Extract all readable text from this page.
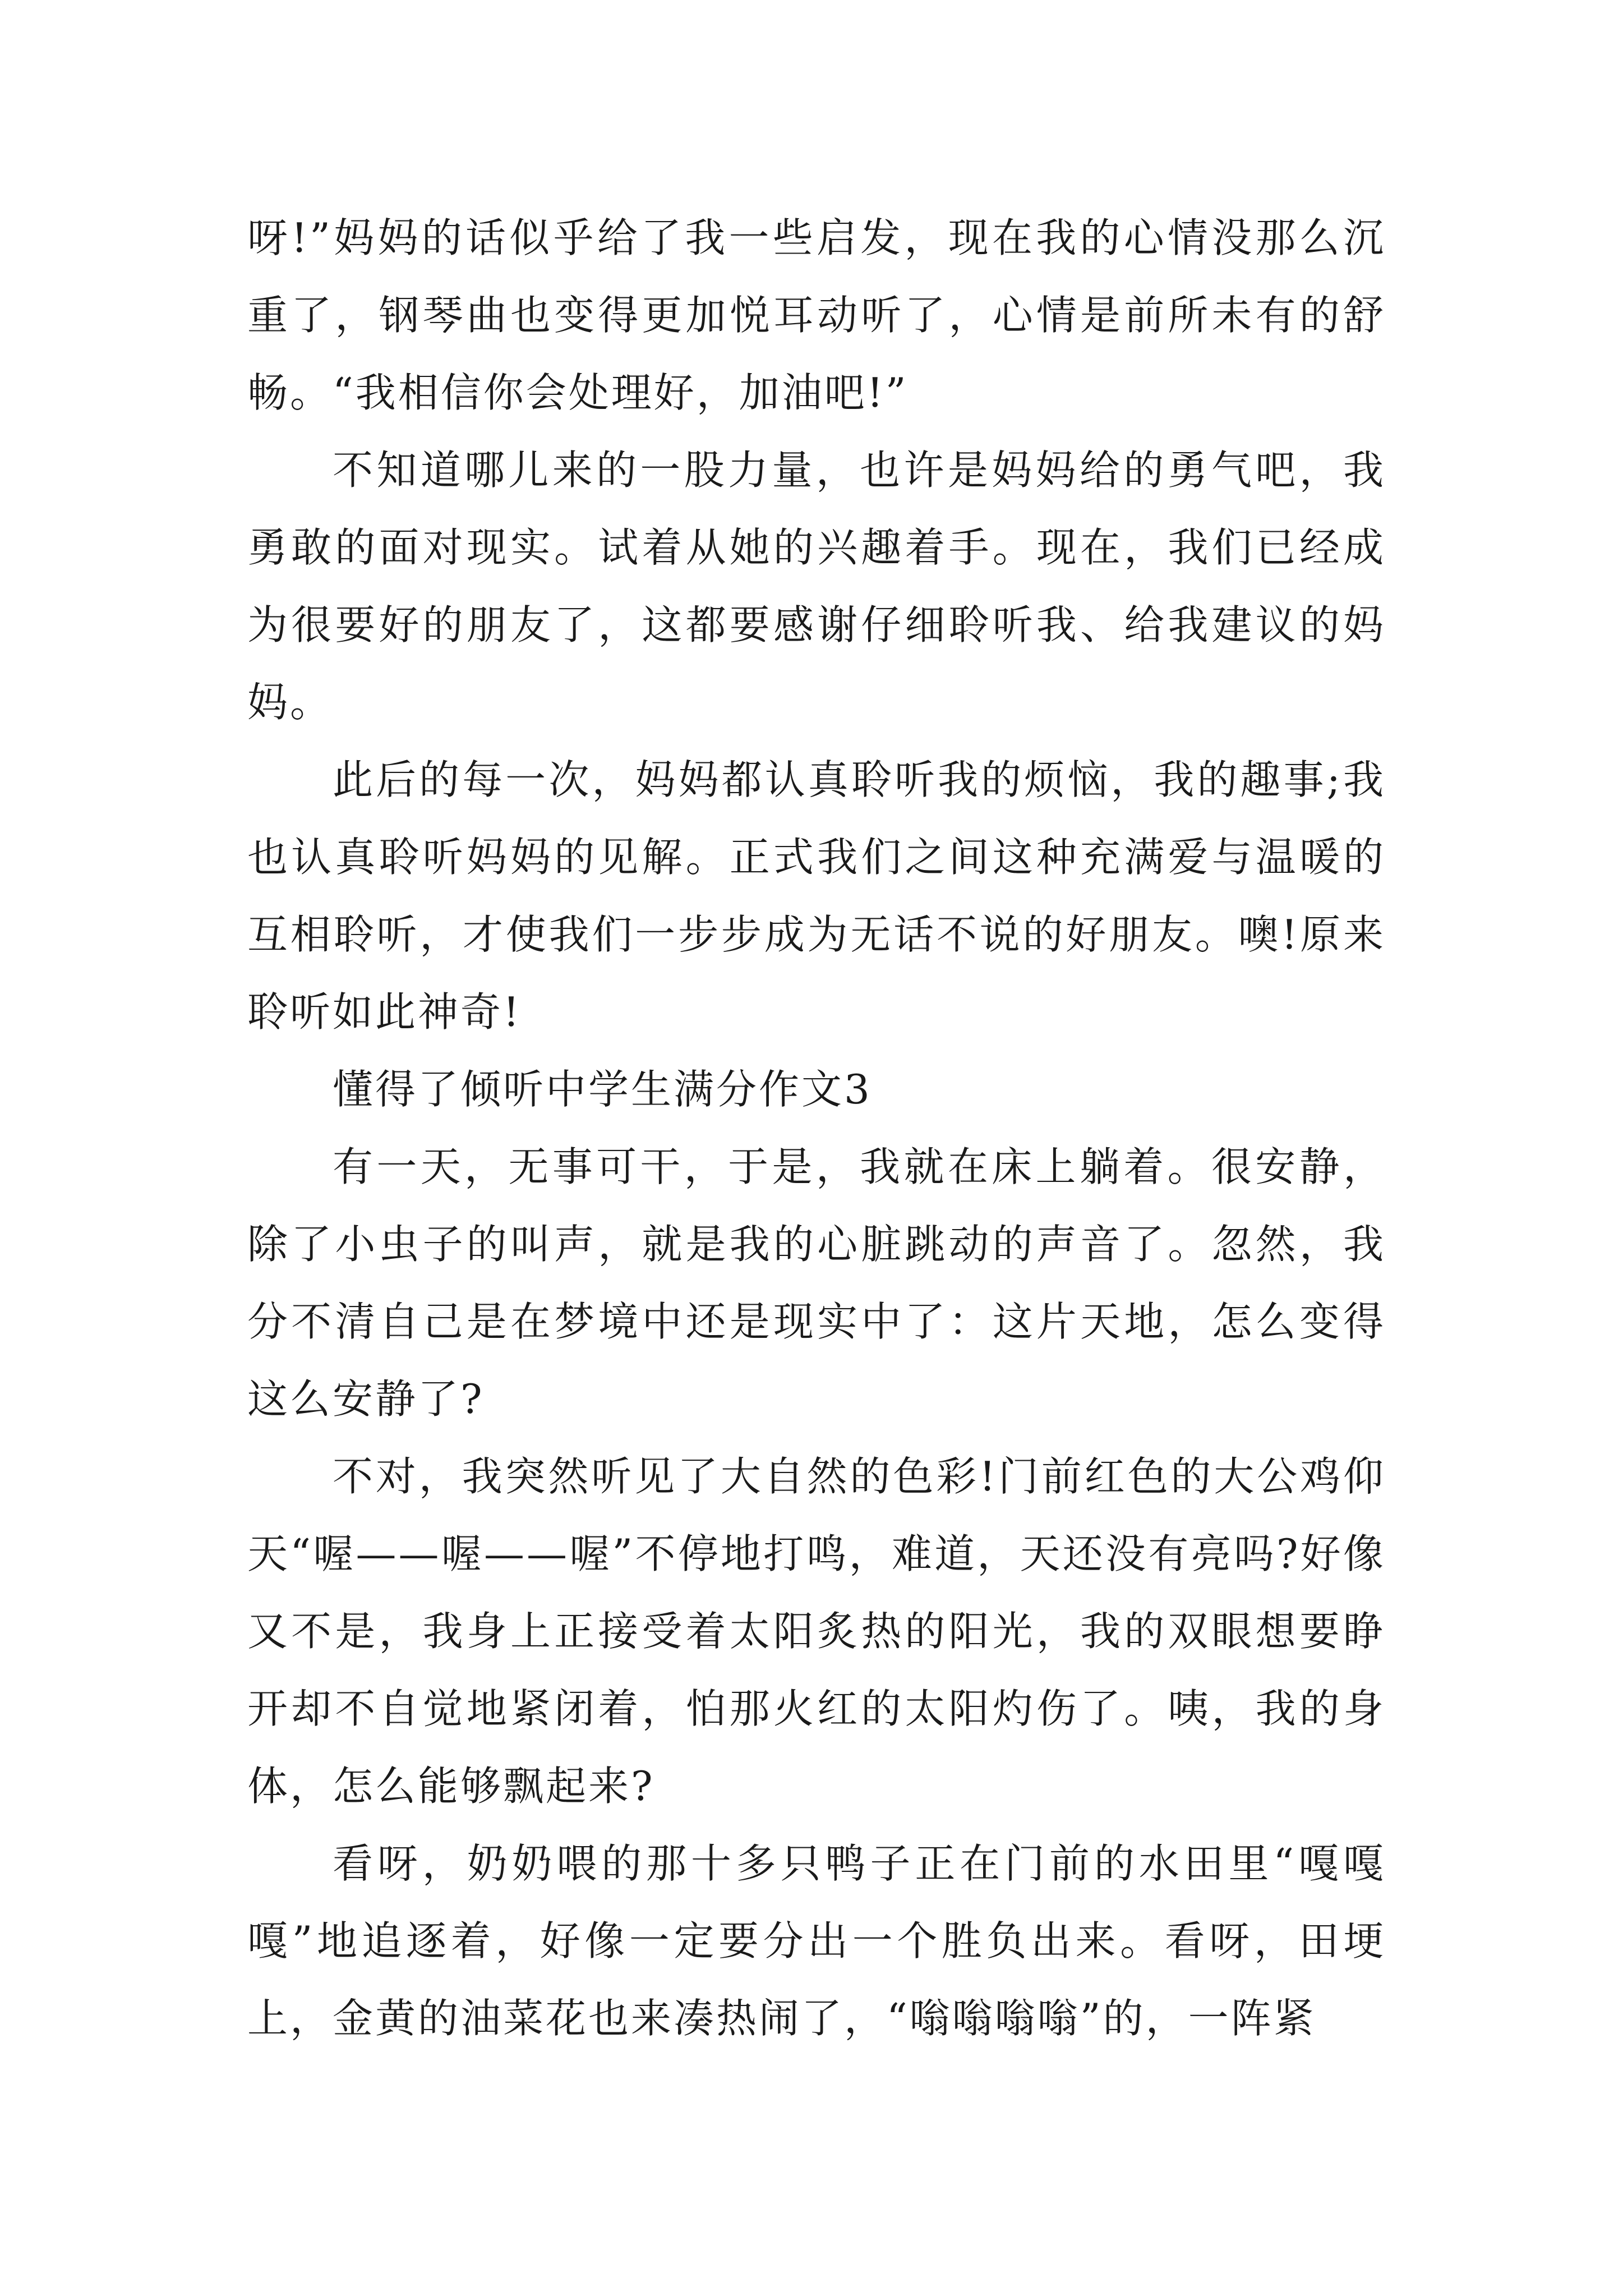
呀!”妈妈的话似乎给了我一些启发，现在我的心情没那么沉重了，钢琴曲也变得更加悦耳动听了，心情是前所未有的舒畅。“我相信你会处理好，加油吧!”

不知道哪儿来的一股力量，也许是妈妈给的勇气吧，我勇敢的面对现实。试着从她的兴趣着手。现在，我们已经成为很要好的朋友了，这都要感谢仔细聆听我、给我建议的妈妈。

此后的每一次，妈妈都认真聆听我的烦恼，我的趣事;我也认真聆听妈妈的见解。正式我们之间这种充满爱与温暖的互相聆听，才使我们一步步成为无话不说的好朋友。噢!原来聆听如此神奇!

懂得了倾听中学生满分作文3

有一天，无事可干，于是，我就在床上躺着。很安静，除了小虫子的叫声，就是我的心脏跳动的声音了。忽然，我分不清自己是在梦境中还是现实中了：这片天地，怎么变得这么安静了?

不对，我突然听见了大自然的色彩!门前红色的大公鸡仰天“喔——喔——喔”不停地打鸣，难道，天还没有亮吗?好像又不是，我身上正接受着太阳炙热的阳光，我的双眼想要睁开却不自觉地紧闭着，怕那火红的太阳灼伤了。咦，我的身体，怎么能够飘起来?

看呀，奶奶喂的那十多只鸭子正在门前的水田里“嘎嘎嘎”地追逐着，好像一定要分出一个胜负出来。看呀，田埂上，金黄的油菜花也来凑热闹了，“嗡嗡嗡嗡”的，一阵紧
